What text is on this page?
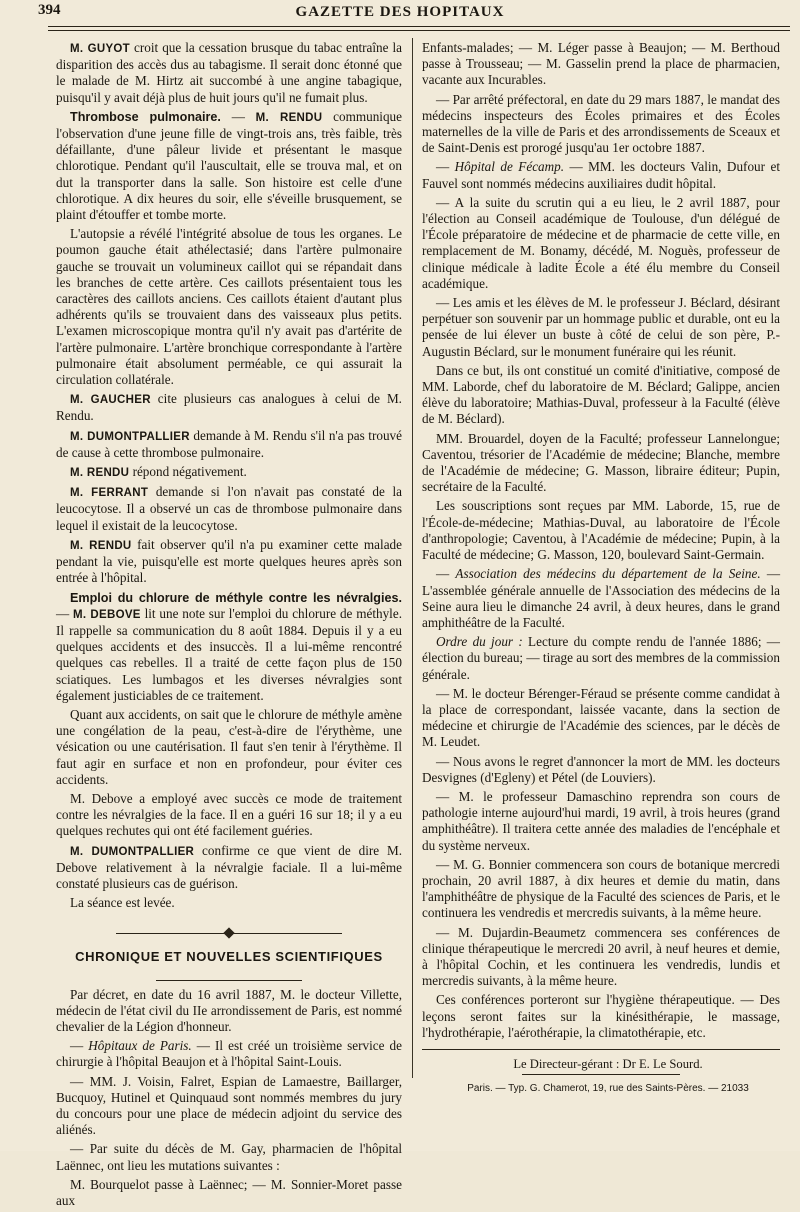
394	GAZETTE DES HOPITAUX

M. GUYOT croit que la cessation brusque du tabac entraîne la disparition des accès dus au tabagisme. Il serait donc étonné que le malade de M. Hirtz ait succombé à une angine tabagique, puisqu'il y avait déjà plus de huit jours qu'il ne fumait plus.

Thrombose pulmonaire. — M. RENDU communique l'observation d'une jeune fille de vingt-trois ans, très faible, très défaillante, d'une pâleur livide et présentant le masque chlorotique. Pendant qu'il l'auscultait, elle se trouva mal, et on dut la transporter dans la salle. Son histoire est celle d'une chlorotique. A dix heures du soir, elle s'éveille brusquement, se plaint d'étouffer et tombe morte.

L'autopsie a révélé l'intégrité absolue de tous les organes. Le poumon gauche était athélectasié; dans l'artère pulmonaire gauche se trouvait un volumineux caillot qui se répandait dans les branches de cette artère. Ces caillots présentaient tous les caractères des caillots anciens. Ces caillots étaient d'autant plus adhérents qu'ils se trouvaient dans des vaisseaux plus petits. L'examen microscopique montra qu'il n'y avait pas d'artérite de l'artère pulmonaire. L'artère bronchique correspondante à l'artère pulmonaire était absolument perméable, ce qui assurait la circulation collatérale.

M. GAUCHER cite plusieurs cas analogues à celui de M. Rendu.

M. DUMONTPALLIER demande à M. Rendu s'il n'a pas trouvé de cause à cette thrombose pulmonaire.

M. RENDU répond négativement.

M. FERRANT demande si l'on n'avait pas constaté de la leucocytose. Il a observé un cas de thrombose pulmonaire dans lequel il existait de la leucocytose.

M. RENDU fait observer qu'il n'a pu examiner cette malade pendant la vie, puisqu'elle est morte quelques heures après son entrée à l'hôpital.

Emploi du chlorure de méthyle contre les névralgies. — M. DEBOVE lit une note sur l'emploi du chlorure de méthyle. Il rappelle sa communication du 8 août 1884. Depuis il y a eu quelques accidents et des insuccès. Il a lui-même rencontré quelques cas rebelles. Il a traité de cette façon plus de 150 sciatiques. Les lumbagos et les diverses névralgies sont également justiciables de ce traitement.

Quant aux accidents, on sait que le chlorure de méthyle amène une congélation de la peau, c'est-à-dire de l'érythème, une vésication ou une cautérisation. Il faut s'en tenir à l'érythème. Il faut agir en surface et non en profondeur, pour éviter ces accidents.

M. Debove a employé avec succès ce mode de traitement contre les névralgies de la face. Il en a guéri 16 sur 18; il y a eu quelques rechutes qui ont été facilement guéries.

M. DUMONTPALLIER confirme ce que vient de dire M. Debove relativement à la névralgie faciale. Il a lui-même constaté plusieurs cas de guérison.

La séance est levée.

CHRONIQUE ET NOUVELLES SCIENTIFIQUES

Par décret, en date du 16 avril 1887, M. le docteur Villette, médecin de l'état civil du IIe arrondissement de Paris, est nommé chevalier de la Légion d'honneur.

— Hôpitaux de Paris. — Il est créé un troisième service de chirurgie à l'hôpital Beaujon et à l'hôpital Saint-Louis.

— MM. J. Voisin, Falret, Espian de Lamaestre, Baillarger, Bucquoy, Hutinel et Quinquaud sont nommés membres du jury du concours pour une place de médecin adjoint du service des aliénés.

— Par suite du décès de M. Gay, pharmacien de l'hôpital Laënnec, ont lieu les mutations suivantes :

M. Bourquelot passe à Laënnec; — M. Sonnier-Moret passe aux

Enfants-malades; — M. Léger passe à Beaujon; — M. Berthoud passe à Trousseau; — M. Gasselin prend la place de pharmacien, vacante aux Incurables.

— Par arrêté préfectoral, en date du 29 mars 1887, le mandat des médecins inspecteurs des Écoles primaires et des Écoles maternelles de la ville de Paris et des arrondissements de Sceaux et de Saint-Denis est prorogé jusqu'au 1er octobre 1887.

— Hôpital de Fécamp. — MM. les docteurs Valin, Dufour et Fauvel sont nommés médecins auxiliaires dudit hôpital.

— A la suite du scrutin qui a eu lieu, le 2 avril 1887, pour l'élection au Conseil académique de Toulouse, d'un délégué de l'École préparatoire de médecine et de pharmacie de cette ville, en remplacement de M. Bonamy, décédé, M. Noguès, professeur de clinique médicale à ladite École a été élu membre du Conseil académique.

— Les amis et les élèves de M. le professeur J. Béclard, désirant perpétuer son souvenir par un hommage public et durable, ont eu la pensée de lui élever un buste à côté de celui de son père, P.-Augustin Béclard, sur le monument funéraire qui les réunit.

Dans ce but, ils ont constitué un comité d'initiative, composé de MM. Laborde, chef du laboratoire de M. Béclard; Galippe, ancien élève du laboratoire; Mathias-Duval, professeur à la Faculté (élève de M. Béclard).

MM. Brouardel, doyen de la Faculté; professeur Lannelongue; Caventou, trésorier de l'Académie de médecine; Blanche, membre de l'Académie de médecine; G. Masson, libraire éditeur; Pupin, secrétaire de la Faculté.

Les souscriptions sont reçues par MM. Laborde, 15, rue de l'École-de-médecine; Mathias-Duval, au laboratoire de l'École d'anthropologie; Caventou, à l'Académie de médecine; Pupin, à la Faculté de médecine; G. Masson, 120, boulevard Saint-Germain.

— Association des médecins du département de la Seine. — L'assemblée générale annuelle de l'Association des médecins de la Seine aura lieu le dimanche 24 avril, à deux heures, dans le grand amphithéâtre de la Faculté.

Ordre du jour : Lecture du compte rendu de l'année 1886; — élection du bureau; — tirage au sort des membres de la commission générale.

— M. le docteur Bérenger-Féraud se présente comme candidat à la place de correspondant, laissée vacante, dans la section de médecine et chirurgie de l'Académie des sciences, par le décès de M. Leudet.

— Nous avons le regret d'annoncer la mort de MM. les docteurs Desvignes (d'Egleny) et Pétel (de Louviers).

— M. le professeur Damaschino reprendra son cours de pathologie interne aujourd'hui mardi, 19 avril, à trois heures (grand amphithéâtre). Il traitera cette année des maladies de l'encéphale et du système nerveux.

— M. G. Bonnier commencera son cours de botanique mercredi prochain, 20 avril 1887, à dix heures et demie du matin, dans l'amphithéâtre de physique de la Faculté des sciences de Paris, et le continuera les vendredis et mercredis suivants, à la même heure.

— M. Dujardin-Beaumetz commencera ses conférences de clinique thérapeutique le mercredi 20 avril, à neuf heures et demie, à l'hôpital Cochin, et les continuera les vendredis, lundis et mercredis suivants, à la même heure.

Ces conférences porteront sur l'hygiène thérapeutique. — Des leçons seront faites sur la kinésithérapie, le massage, l'hydrothérapie, l'aérothérapie, la climatothérapie, etc.

Le Directeur-gérant : Dr E. Le Sourd.

Paris. — Typ. G. Chamerot, 19, rue des Saints-Pères. — 21033
